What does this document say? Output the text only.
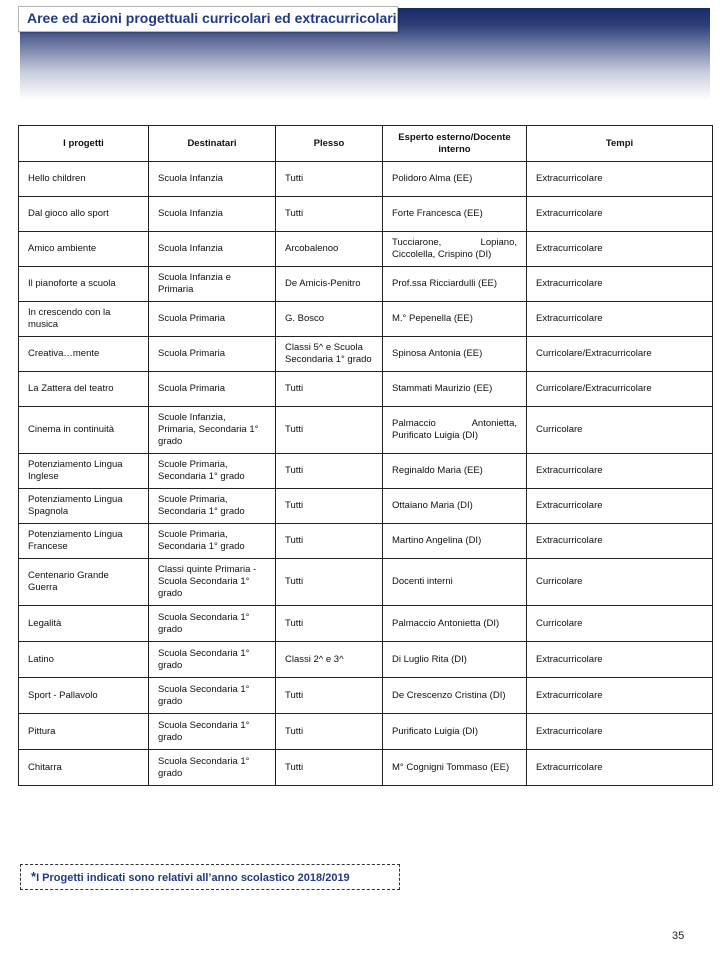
Aree ed azioni progettuali curricolari ed extracurricolari
I progetti	Destinatari	Plesso	Esperto esterno/Docente interno	Tempi
Hello children	Scuola Infanzia	Tutti	Polidoro Alma (EE)	Extracurricolare
Dal gioco allo sport	Scuola Infanzia	Tutti	Forte Francesca (EE)	Extracurricolare
Amico ambiente	Scuola Infanzia	Arcobalenoo	Tucciarone, Lopiano, Ciccolella, Crispino (DI)	Extracurricolare
Il pianoforte a scuola	Scuola Infanzia e Primaria	De Amicis-Penitro	Prof.ssa Ricciardulli (EE)	Extracurricolare
In crescendo con la musica	Scuola Primaria	G. Bosco	M.° Pepenella (EE)	Extracurricolare
Creativa…mente	Scuola Primaria	Classi 5^ e Scuola Secondaria 1° grado	Spinosa Antonia (EE)	Curricolare/Extracurricolare
La Zattera del teatro	Scuola Primaria	Tutti	Stammati Maurizio (EE)	Curricolare/Extracurricolare
Cinema in continuità	Scuole Infanzia, Primaria, Secondaria 1° grado	Tutti	Palmaccio Antonietta, Purificato Luigia (DI)	Curricolare
Potenziamento Lingua Inglese	Scuole Primaria, Secondaria 1° grado	Tutti	Reginaldo Maria (EE)	Extracurricolare
Potenziamento Lingua Spagnola	Scuole Primaria, Secondaria 1° grado	Tutti	Ottaiano Maria (DI)	Extracurricolare
Potenziamento Lingua Francese	Scuole Primaria, Secondaria 1° grado	Tutti	Martino Angelina (DI)	Extracurricolare
Centenario Grande Guerra	Classi quinte Primaria - Scuola Secondaria 1° grado	Tutti	Docenti interni	Curricolare
Legalità	Scuola Secondaria 1° grado	Tutti	Palmaccio Antonietta (DI)	Curricolare
Latino	Scuola Secondaria 1° grado	Classi 2^ e 3^	Di Luglio Rita (DI)	Extracurricolare
Sport - Pallavolo	Scuola Secondaria 1° grado	Tutti	De Crescenzo Cristina (DI)	Extracurricolare
Pittura	Scuola Secondaria 1° grado	Tutti	Purificato Luigia (DI)	Extracurricolare
Chitarra	Scuola Secondaria 1° grado	Tutti	M° Cognigni Tommaso (EE)	Extracurricolare
*I Progetti indicati sono relativi all’anno scolastico 2018/2019
35
